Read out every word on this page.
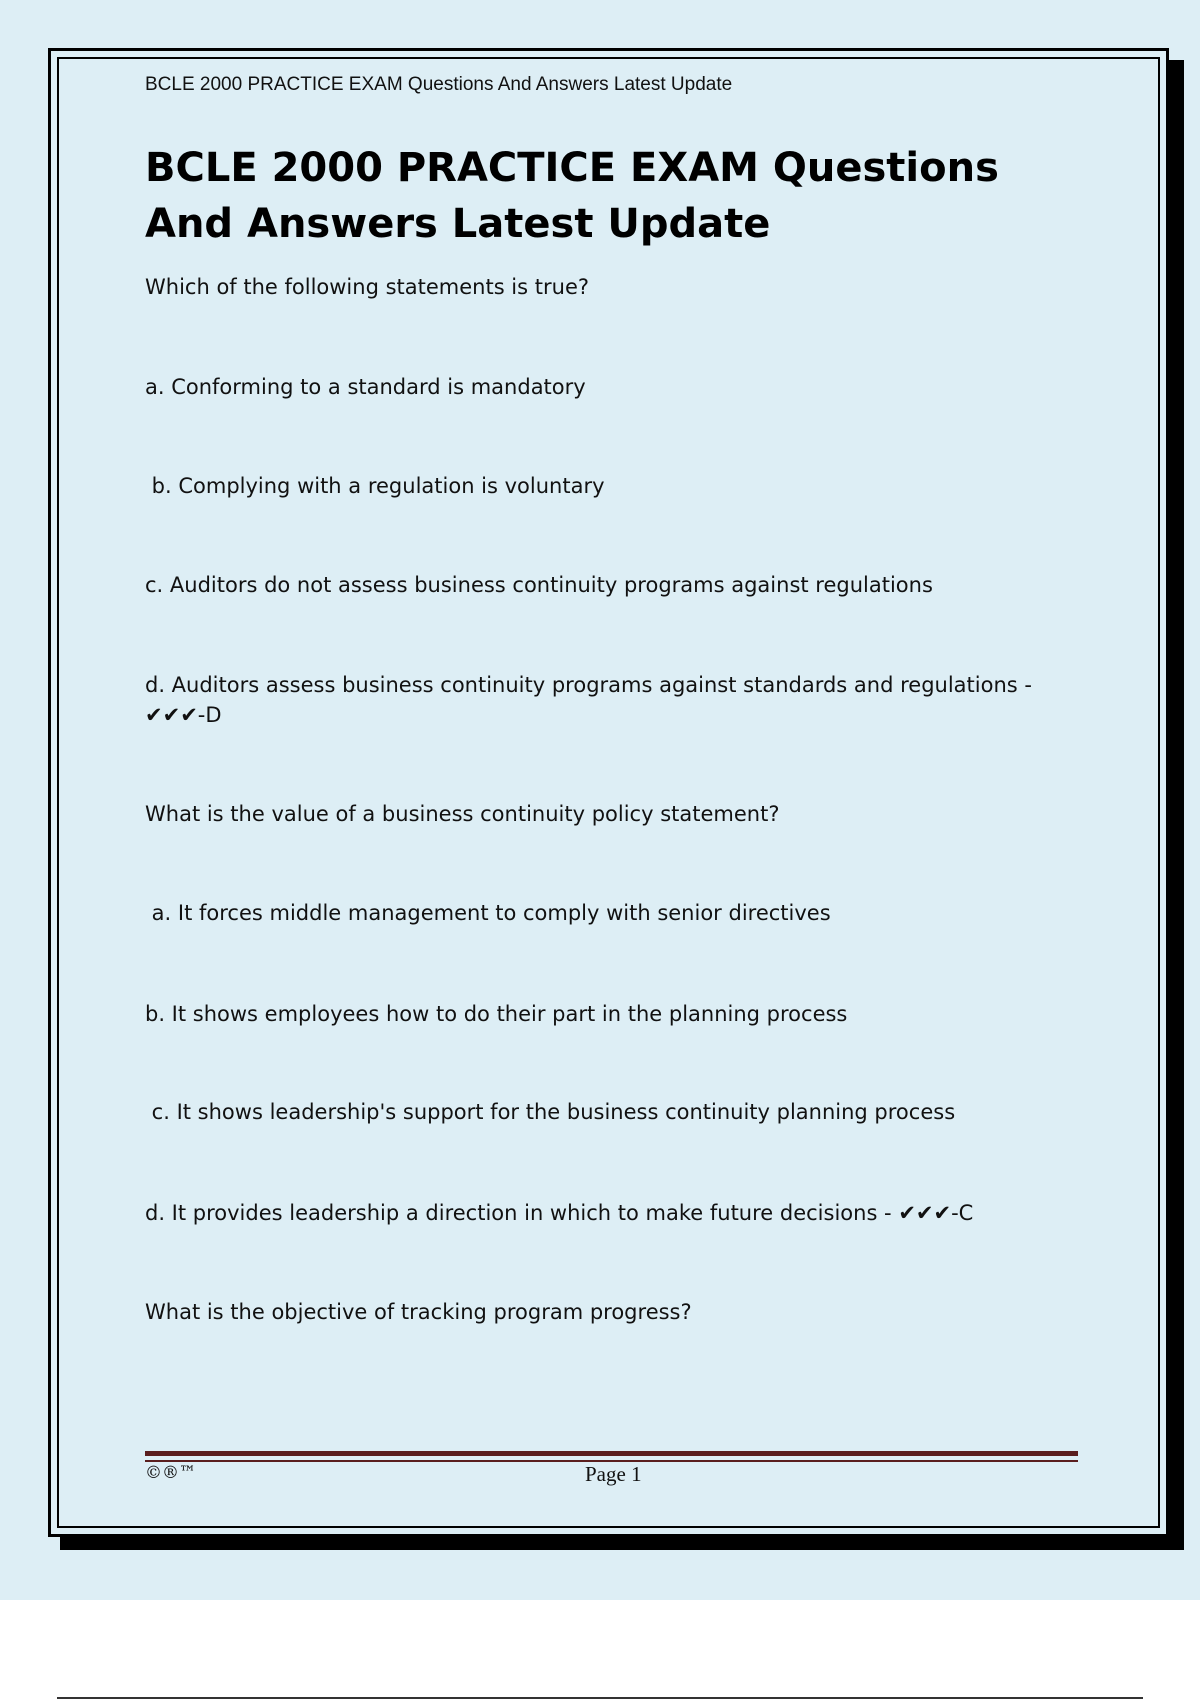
BCLE 2000 PRACTICE EXAM Questions And Answers Latest Update
BCLE 2000 PRACTICE EXAM Questions And Answers Latest Update
Which of the following statements is true?
a. Conforming to a standard is mandatory
b. Complying with a regulation is voluntary
c. Auditors do not assess business continuity programs against regulations
d. Auditors assess business continuity programs against standards and regulations - ✔✔✔-D
What is the value of a business continuity policy statement?
a. It forces middle management to comply with senior directives
b. It shows employees how to do their part in the planning process
c. It shows leadership's support for the business continuity planning process
d. It provides leadership a direction in which to make future decisions - ✔✔✔-C
What is the objective of tracking program progress?
©®™	Page 1
